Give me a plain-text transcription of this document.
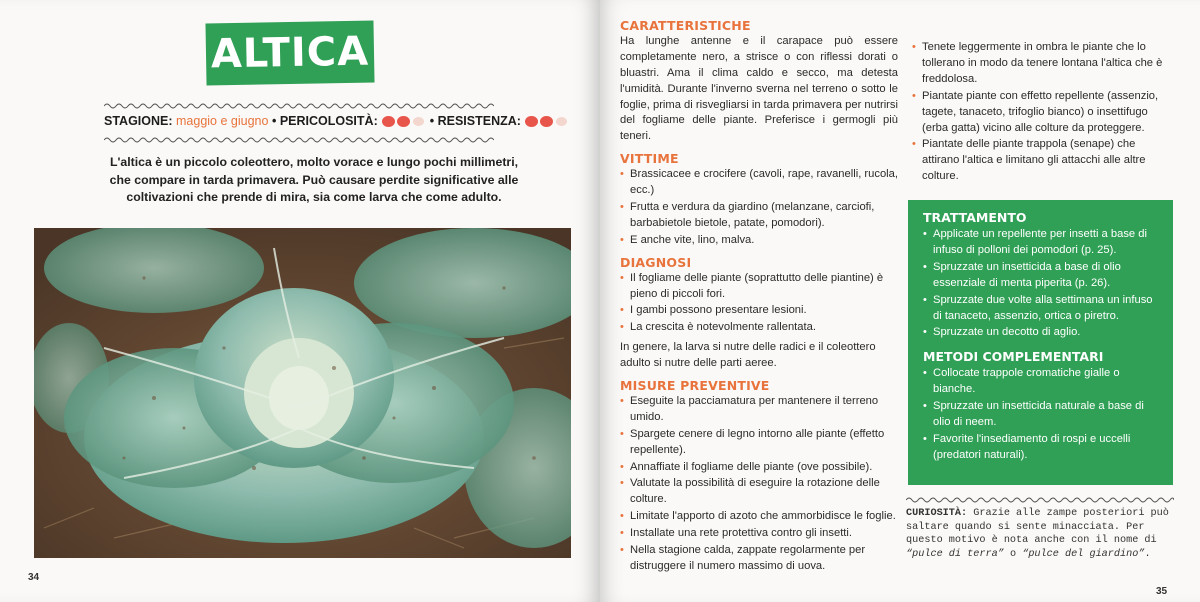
ALTICA
STAGIONE: maggio e giugno • PERICOLOSITÀ:	• RESISTENZA:

L'altica è un piccolo coleottero, molto vorace e lungo pochi millimetri, che compare in tarda primavera. Può causare perdite significative alle coltivazioni che prende di mira, sia come larva che come adulto.

34
CARATTERISTICHE

Ha lunghe antenne e il carapace può essere completamente nero, a strisce o con riflessi dorati o bluastri. Ama il clima caldo e secco, ma detesta l'umidità. Durante l'inverno sverna nel terreno o sotto le foglie, prima di risvegliarsi in tarda primavera per nutrirsi del fogliame delle piante. Preferisce i germogli più teneri.

VITTIME
• Brassicacee e crocifere (cavoli, rape, ravanelli, rucola, ecc.)
• Frutta e verdura da giardino (melanzane, carciofi, barbabietole bietole, patate, pomodori).
• E anche vite, lino, malva.
DIAGNOSI
• Il fogliame delle piante (soprattutto delle piantine) è pieno di piccoli fori.
• I gambi possono presentare lesioni.
• La crescita è notevolmente rallentata.

In genere, la larva si nutre delle radici e il coleottero adulto si nutre delle parti aeree.

MISURE PREVENTIVE
• Eseguite la pacciamatura per mantenere il terreno umido.
• Spargete cenere di legno intorno alle piante (effetto repellente).
• Annaffiate il fogliame delle piante (ove possibile).
• Valutate la possibilità di eseguire la rotazione delle colture.
• Limitate l'apporto di azoto che ammorbidisce le foglie.
• Installate una rete protettiva contro gli insetti.
• Nella stagione calda, zappate regolarmente per distruggere il numero massimo di uova.
• Tenete leggermente in ombra le piante che lo tollerano in modo da tenere lontana l'altica che è freddolosa.
• Piantate piante con effetto repellente (assenzio, tagete, tanaceto, trifoglio bianco) o insettifugo (erba gatta) vicino alle colture da proteggere.
• Piantate delle piante trappola (senape) che attirano l'altica e limitano gli attacchi alle altre colture.
TRATTAMENTO
• Applicate un repellente per insetti a base di infuso di polloni dei pomodori (p. 25).
• Spruzzate un insetticida a base di olio essenziale di menta piperita (p. 26).
• Spruzzate due volte alla settimana un infuso di tanaceto, assenzio, ortica o piretro.
• Spruzzate un decotto di aglio.
METODI COMPLEMENTARI
• Collocate trappole cromatiche gialle o bianche.
• Spruzzate un insetticida naturale a base di olio di neem.
• Favorite l'insediamento di rospi e uccelli (predatori naturali).
CURIOSITÀ: Grazie alle zampe posteriori può saltare quando si sente minacciata. Per questo motivo è nota anche con il nome di “pulce di terra” o “pulce del giardino”.
35
